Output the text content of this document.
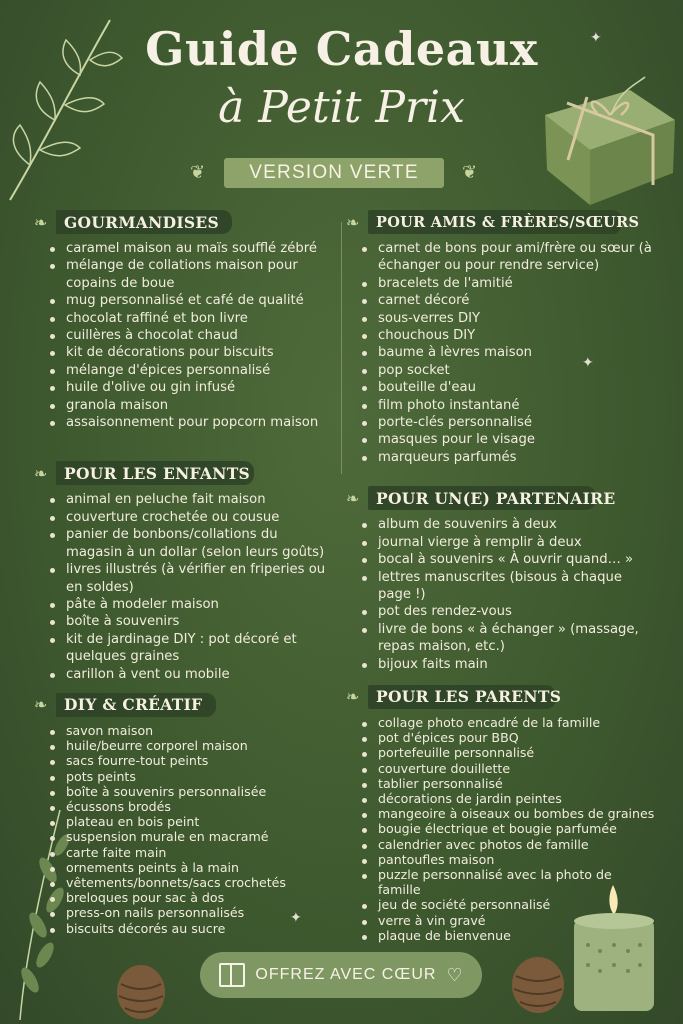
✦
✦
✦
Guide Cadeaux
à Petit Prix
❦	VERSION VERTE	❦
❧	GOURMANDISES
caramel maison au maïs soufflé zébré
mélange de collations maison pour copains de boue
mug personnalisé et café de qualité
chocolat raffiné et bon livre
cuillères à chocolat chaud
kit de décorations pour biscuits
mélange d'épices personnalisé
huile d'olive ou gin infusé
granola maison
assaisonnement pour popcorn maison
❧	POUR LES ENFANTS
animal en peluche fait maison
couverture crochetée ou cousue
panier de bonbons/collations du magasin à un dollar (selon leurs goûts)
livres illustrés (à vérifier en friperies ou en soldes)
pâte à modeler maison
boîte à souvenirs
kit de jardinage DIY : pot décoré et quelques graines
carillon à vent ou mobile
❧	DIY & CRÉATIF
savon maison
huile/beurre corporel maison
sacs fourre-tout peints
pots peints
boîte à souvenirs personnalisée
écussons brodés
plateau en bois peint
suspension murale en macramé
carte faite main
ornements peints à la main
vêtements/bonnets/sacs crochetés
breloques pour sac à dos
press-on nails personnalisés
biscuits décorés au sucre
❧	POUR AMIS & FRÈRES/SŒURS
carnet de bons pour ami/frère ou sœur (à échanger ou pour rendre service)
bracelets de l'amitié
carnet décoré
sous-verres DIY
chouchous DIY
baume à lèvres maison
pop socket
bouteille d'eau
film photo instantané
porte-clés personnalisé
masques pour le visage
marqueurs parfumés
❧	POUR UN(E) PARTENAIRE
album de souvenirs à deux
journal vierge à remplir à deux
bocal à souvenirs « À ouvrir quand… »
lettres manuscrites (bisous à chaque page !)
pot des rendez-vous
livre de bons « à échanger » (massage, repas maison, etc.)
bijoux faits main
❧	POUR LES PARENTS
collage photo encadré de la famille
pot d'épices pour BBQ
portefeuille personnalisé
couverture douillette
tablier personnalisé
décorations de jardin peintes
mangeoire à oiseaux ou bombes de graines
bougie électrique et bougie parfumée
calendrier avec photos de famille
pantoufles maison
puzzle personnalisé avec la photo de famille
jeu de société personnalisé
verre à vin gravé
plaque de bienvenue
OFFREZ AVEC CŒUR ♡
